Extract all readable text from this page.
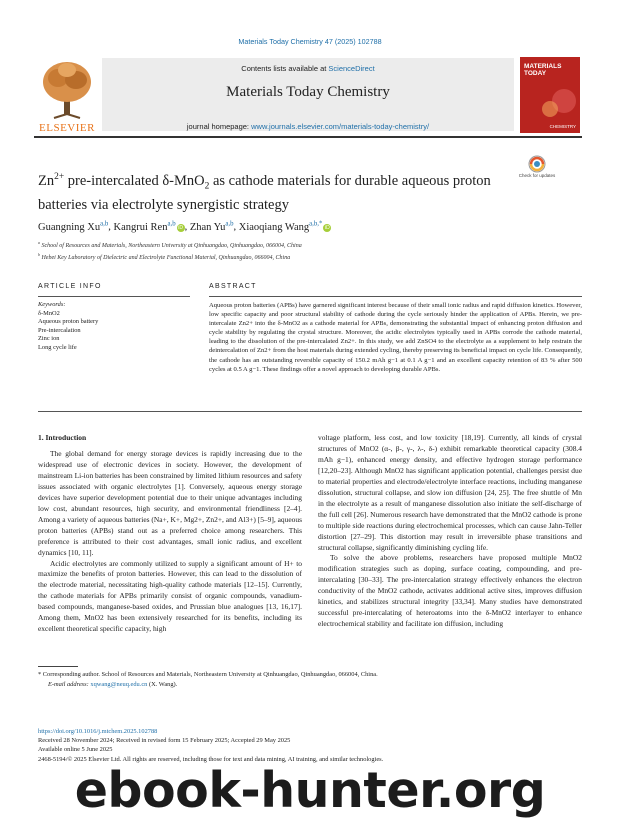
Materials Today Chemistry 47 (2025) 102788
ELSEVIER
Contents lists available at ScienceDirect
Materials Today Chemistry
journal homepage: www.journals.elsevier.com/materials-today-chemistry/
MATERIALS TODAY
CHEMISTRY
$Zn^{2+}$ pre-intercalated δ-MnO$_2$ as cathode materials for durable aqueous proton batteries via electrolyte synergistic strategy
Check for updates
Guangning Xu$^{a,b}$, Kangrui Ren$^{a,b}$iD , Zhan Yu$^{a,b}$, Xiaoqiang Wang$^{a,b,*}$iD
$^a$ School of Resources and Materials, Northeastern University at Qinhuangdao, Qinhuangdao, 066004, China
$^b$ Hebei Key Laboratory of Dielectric and Electrolyte Functional Material, Qinhuangdao, 066004, China
ARTICLE INFO	ABSTRACT
Keywords:
δ-MnO2
Aqueous proton battery
Pre-intercalation
Zinc ion
Long cycle life
Aqueous proton batteries (APBs) have garnered significant interest because of their small ionic radius and rapid diffusion kinetics. However, low specific capacity and poor structural stability of cathode during the cycle seriously hinder the application of APBs. Herein, we pre-intercalate Zn2+ into the δ-MnO2 as a cathode material for APBs, demonstrating the substantial impact of enhancing proton diffusion and cycle stability by regulating the crystal structure. Moreover, the acidic electrolytes typically used in APBs corrode the cathode material, leading to the dissolution of the pre-intercalated Zn2+. In this study, we add ZnSO4 to the electrolyte as a supplement to help restrain the deintercalation of Zn2+ from the host materials during extended cycling, thereby preserving its beneficial impact on cycle life. Consequently, the cathode has an outstanding reversible capacity of 150.2 mAh g−1 at 0.1 A g−1 and an excellent capacity retention of 83 % after 500 cycles at 0.5 A g−1. These findings offer a novel approach to developing durable APBs.
1. Introduction

The global demand for energy storage devices is rapidly increasing due to the widespread use of electronic devices in society. However, the development of mainstream Li-ion batteries has been constrained by limited lithium resources and safety issues associated with organic electrolytes [1]. Conversely, aqueous energy storage devices have superior development potential due to their unique advantages including low cost, abundant resources, high security, and environmental friendliness [2–4]. Among a variety of aqueous batteries (Na+, K+, Mg2+, Zn2+, and Al3+) [5–9], aqueous proton batteries (APBs) stand out as a preferred choice among researchers. This preference is attributed to their cost advantages, small ionic radius, and excellent dynamics [10, 11].

Acidic electrolytes are commonly utilized to supply a significant amount of H+ to maximize the benefits of proton batteries. However, this can lead to the dissolution of the electrode material, necessitating high-quality cathode materials [12–15]. Currently, the cathode materials for APBs primarily consist of organic compounds, vanadium-based compounds, manganese-based oxides, and Prussian blue analogues [13, 16,17]. Among them, MnO2 has been extensively researched for its benefits, including its excellent theoretical specific capacity, high

voltage platform, less cost, and low toxicity [18,19]. Currently, all kinds of crystal structures of MnO2 (α-, β-, γ-, λ-, δ-) exhibit remarkable theoretical capacity (308.4 mAh g−1), enhanced energy density, and effective hydrogen storage performance [12,20–23]. Although MnO2 has significant application potential, challenges persist due to material properties and electrode/electrolyte interface reactions, including manganese dissolution, structural collapse, and slow ion diffusion [24, 25]. The free shuttle of Mn in the electrolyte as a result of manganese dissolution also initiate the self-discharge of the full cell [26]. Numerous research have demonstrated that the MnO2 cathode is prone to multiple side reactions during electrochemical processes, which can cause Jahn-Teller distortion [27–29]. This distortion may result in irreversible phase transitions and structural collapse, significantly diminishing cycling life.

To solve the above problems, researchers have proposed multiple MnO2 modification strategies such as doping, surface coating, compounding, and pre-intercalating [30–33]. The pre-intercalation strategy effectively enhances the electron conductivity of the MnO2 cathode, activates additional active sites, improves diffusion kinetics, and stabilizes structural integrity [33,34]. Many studies have demonstrated successful pre-intercalating of heteroatoms into the δ-MnO2 interlayer to enhance electrochemical stability and facilitate ion diffusion, including

* Corresponding author. School of Resources and Materials, Northeastern University at Qinhuangdao, Qinhuangdao, 066004, China.
E-mail address: xqwang@neuq.edu.cn (X. Wang).
https://doi.org/10.1016/j.mtchem.2025.102788
Received 28 November 2024; Received in revised form 15 February 2025; Accepted 29 May 2025
Available online 5 June 2025
2468-5194/© 2025 Elsevier Ltd. All rights are reserved, including those for text and data mining, AI training, and similar technologies.
ebook-hunter.org
